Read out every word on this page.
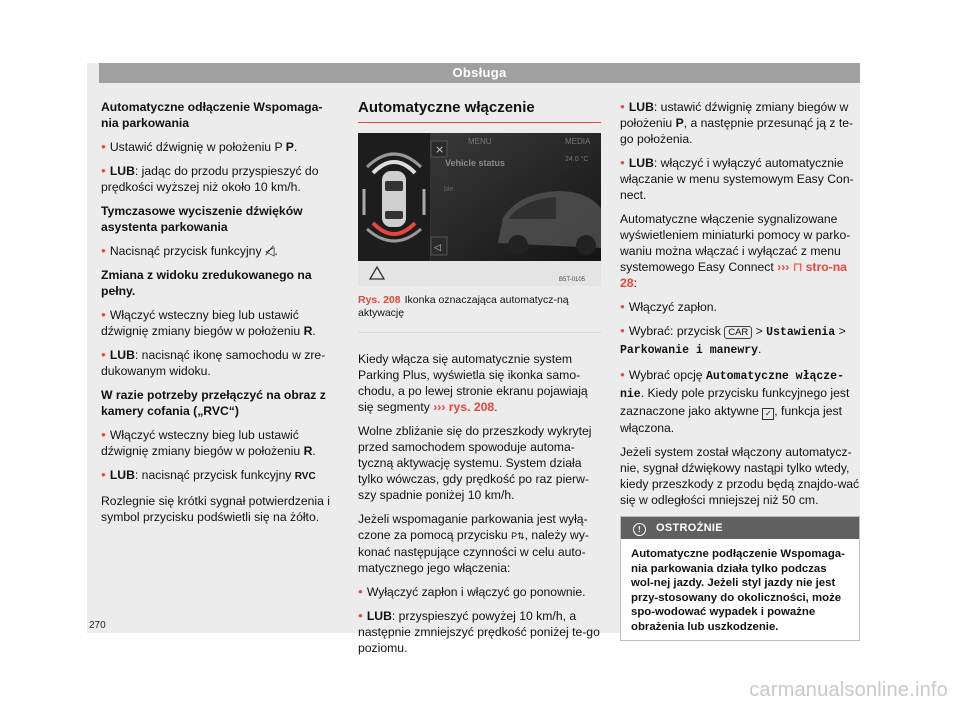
Obsługa

Automatyczne odłączenie Wspomaga-nia parkowania

● Ustawić dźwignię w położeniu P P.

● LUB: jadąc do przodu przyspieszyć do prędkości wyższej niż około 10 km/h.

Tymczasowe wyciszenie dźwięków asystenta parkowania

● Nacisnąć przycisk funkcyjny ◁̸.

Zmiana z widoku zredukowanego na pełny.

● Włączyć wsteczny bieg lub ustawić dźwignię zmiany biegów w położeniu R.

● LUB: nacisnąć ikonę samochodu w zre-dukowanym widoku.

W razie potrzeby przełączyć na obraz z kamery cofania („RVC“)

● Włączyć wsteczny bieg lub ustawić dźwignię zmiany biegów w położeniu R.

● LUB: nacisnąć przycisk funkcyjny RVC

Rozlegnie się krótki sygnał potwierdzenia i symbol przycisku podświetli się na żółto.

Automatyczne włączenie
MENU	MEDIA
Vehicle status	24.0 °C
ble.
×
◁
B5T-0105
Rys. 208 Ikonka oznaczająca automatycz-ną aktywację

Kiedy włącza się automatycznie system Parking Plus, wyświetla się ikonka samo-chodu, a po lewej stronie ekranu pojawiają się segmenty ››› rys. 208.

Wolne zbliżanie się do przeszkody wykrytej przed samochodem spowoduje automa-tyczną aktywację systemu. System działa tylko wówczas, gdy prędkość po raz pierw-szy spadnie poniżej 10 km/h.

Jeżeli wspomaganie parkowania jest wyłą-czone za pomocą przycisku P⇅, należy wy-konać następujące czynności w celu auto-matycznego jego włączenia:

● Wyłączyć zapłon i włączyć go ponownie.

● LUB: przyspieszyć powyżej 10 km/h, a następnie zmniejszyć prędkość poniżej te-go poziomu.

● LUB: ustawić dźwignię zmiany biegów w położeniu P, a następnie przesunąć ją z te-go położenia.

● LUB: włączyć i wyłączyć automatycznie włączanie w menu systemowym Easy Con-nect.

Automatyczne włączenie sygnalizowane wyświetleniem miniaturki pomocy w parko-waniu można włączać i wyłączać z menu systemowego Easy Connect ››› ⊓ stro-na 28:

● Włączyć zapłon.

● Wybrać: przycisk CAR > Ustawienia > Parkowanie i manewry.

● Wybrać opcję Automatyczne włącze-nie. Kiedy pole przycisku funkcyjnego jest zaznaczone jako aktywne ✓ , funkcja jest włączona.

Jeżeli system został włączony automatycz-nie, sygnał dźwiękowy nastąpi tylko wtedy, kiedy przeszkody z przodu będą znajdo-wać się w odległości mniejszej niż 50 cm.

! OSTROŻNIE
Automatyczne podłączenie Wspomaga-nia parkowania działa tylko podczas wol-nej jazdy. Jeżeli styl jazdy nie jest przy-stosowany do okoliczności, może spo-wodować wypadek i poważne obrażenia lub uszkodzenie.
270
carmanualsonline.info
